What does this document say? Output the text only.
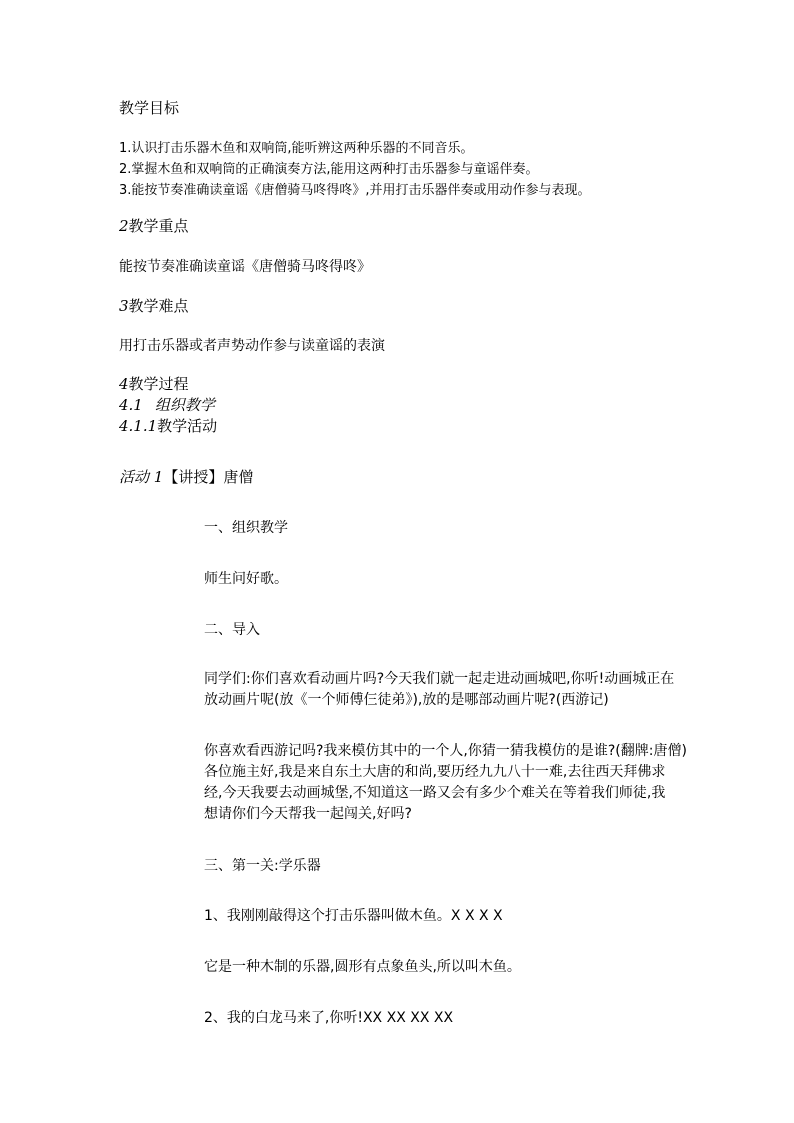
教学目标
1.认识打击乐器木鱼和双响筒,能听辨这两种乐器的不同音乐。
2.掌握木鱼和双响筒的正确演奏方法,能用这两种打击乐器参与童谣伴奏。
3.能按节奏准确读童谣《唐僧骑马咚得咚》,并用打击乐器伴奏或用动作参与表现。
2教学重点
能按节奏准确读童谣《唐僧骑马咚得咚》
3教学难点
用打击乐器或者声势动作参与读童谣的表演
4教学过程
4.1 组织教学
4.1.1教学活动
活动 1【讲授】唐僧
一、组织教学
师生问好歌。
二、导入
同学们:你们喜欢看动画片吗?今天我们就一起走进动画城吧,你听!动画城正在
放动画片呢(放《一个师傅仨徒弟》),放的是哪部动画片呢?(西游记)
你喜欢看西游记吗?我来模仿其中的一个人,你猜一猜我模仿的是谁?(翻牌:唐僧)
各位施主好,我是来自东土大唐的和尚,要历经九九八十一难,去往西天拜佛求
经,今天我要去动画城堡,不知道这一路又会有多少个难关在等着我们师徒,我
想请你们今天帮我一起闯关,好吗?
三、第一关:学乐器
1、我刚刚敲得这个打击乐器叫做木鱼。X X X X
它是一种木制的乐器,圆形有点象鱼头,所以叫木鱼。
2、我的白龙马来了,你听!XX XX XX XX
